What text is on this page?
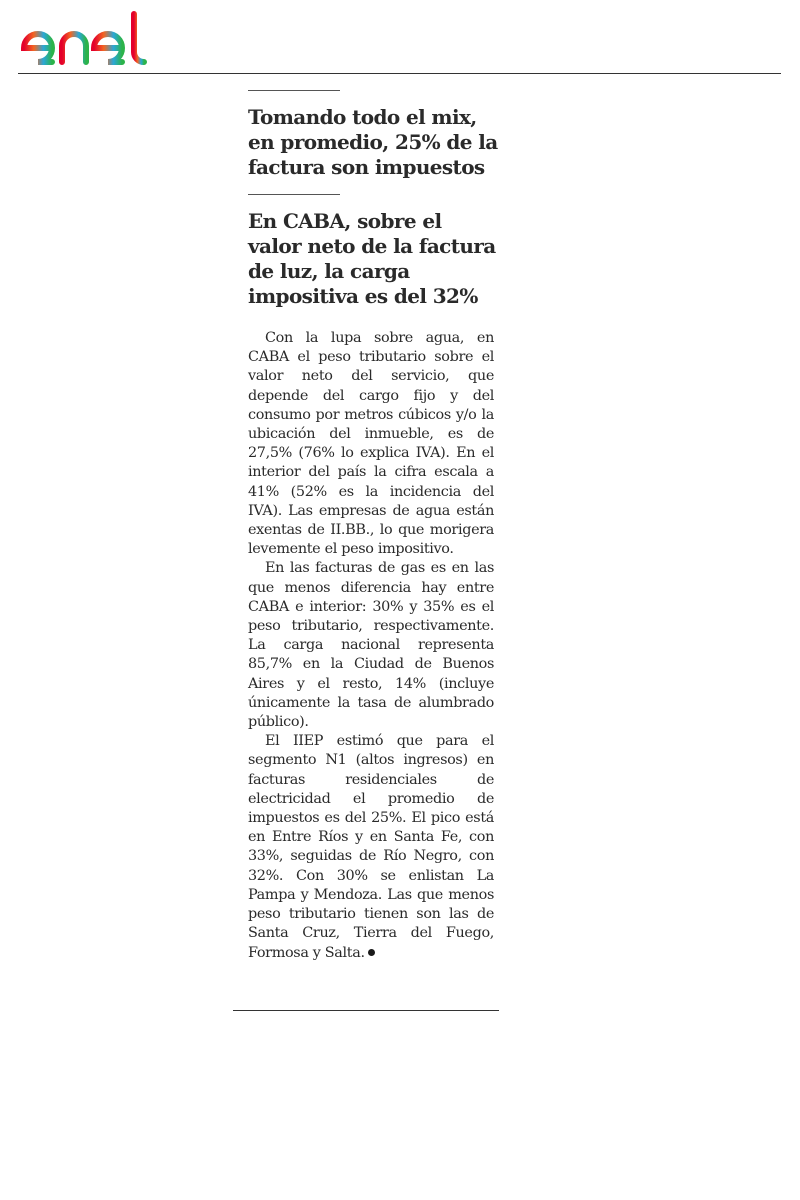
Tomando todo el mix, en promedio, 25% de la factura son impuestos
En CABA, sobre el valor neto de la factura de luz, la carga impositiva es del 32%

Con la lupa sobre agua, en CABA el peso tributario sobre el valor neto del servicio, que depende del cargo fijo y del consumo por metros cúbicos y/o la ubicación del inmueble, es de 27,5% (76% lo explica IVA). En el interior del país la cifra escala a 41% (52% es la incidencia del IVA). Las empresas de agua están exentas de II.BB., lo que morigera levemente el peso impositivo.

En las facturas de gas es en las que menos diferencia hay entre CABA e interior: 30% y 35% es el peso tributario, respectivamente. La carga nacional representa 85,7% en la Ciudad de Buenos Aires y el resto, 14% (incluye únicamente la tasa de alumbrado público).

El IIEP estimó que para el segmento N1 (altos ingresos) en facturas residenciales de electricidad el promedio de impuestos es del 25%. El pico está en Entre Ríos y en Santa Fe, con 33%, seguidas de Río Negro, con 32%. Con 30% se enlistan La Pampa y Mendoza. Las que menos peso tributario tienen son las de Santa Cruz, Tierra del Fuego, Formosa y Salta.
